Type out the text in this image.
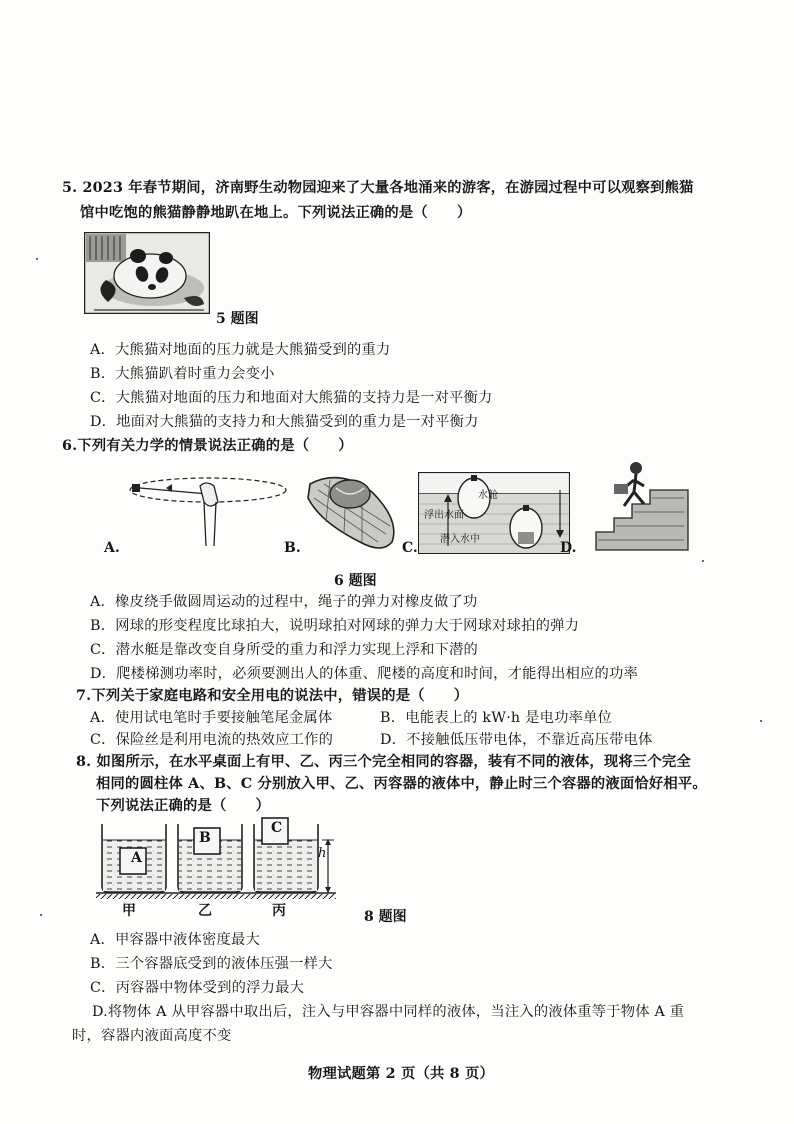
5. 2023 年春节期间，济南野生动物园迎来了大量各地涌来的游客，在游园过程中可以观察到熊猫
馆中吃饱的熊猫静静地趴在地上。下列说法正确的是（　　）
5 题图
A．大熊猫对地面的压力就是大熊猫受到的重力
B．大熊猫趴着时重力会变小
C．大熊猫对地面的压力和地面对大熊猫的支持力是一对平衡力
D．地面对大熊猫的支持力和大熊猫受到的重力是一对平衡力
6.下列有关力学的情景说法正确的是（　　）
A.	B.
水舱
浮出水面
潜入水中
C.	D.
6 题图
A．橡皮绕手做圆周运动的过程中，绳子的弹力对橡皮做了功
B．网球的形变程度比球拍大，说明球拍对网球的弹力大于网球对球拍的弹力
C．潜水艇是靠改变自身所受的重力和浮力实现上浮和下潜的
D．爬楼梯测功率时，必须要测出人的体重、爬楼的高度和时间，才能得出相应的功率
7.下列关于家庭电路和安全用电的说法中，错误的是（　　）
A．使用试电笔时手要接触笔尾金属体	B．电能表上的 kW·h 是电功率单位
C．保险丝是利用电流的热效应工作的	D．不接触低压带电体，不靠近高压带电体
8. 如图所示，在水平桌面上有甲、乙、丙三个完全相同的容器，装有不同的液体，现将三个完全
相同的圆柱体 A、B、C 分别放入甲、乙、丙容器的液体中，静止时三个容器的液面恰好相平。
下列说法正确的是（　　）
A
B
C
h
甲	乙	丙	8 题图
A．甲容器中液体密度最大
B．三个容器底受到的液体压强一样大
C．丙容器中物体受到的浮力最大
D.将物体 A 从甲容器中取出后，注入与甲容器中同样的液体，当注入的液体重等于物体 A 重
时，容器内液面高度不变
物理试题第 2 页（共 8 页）
